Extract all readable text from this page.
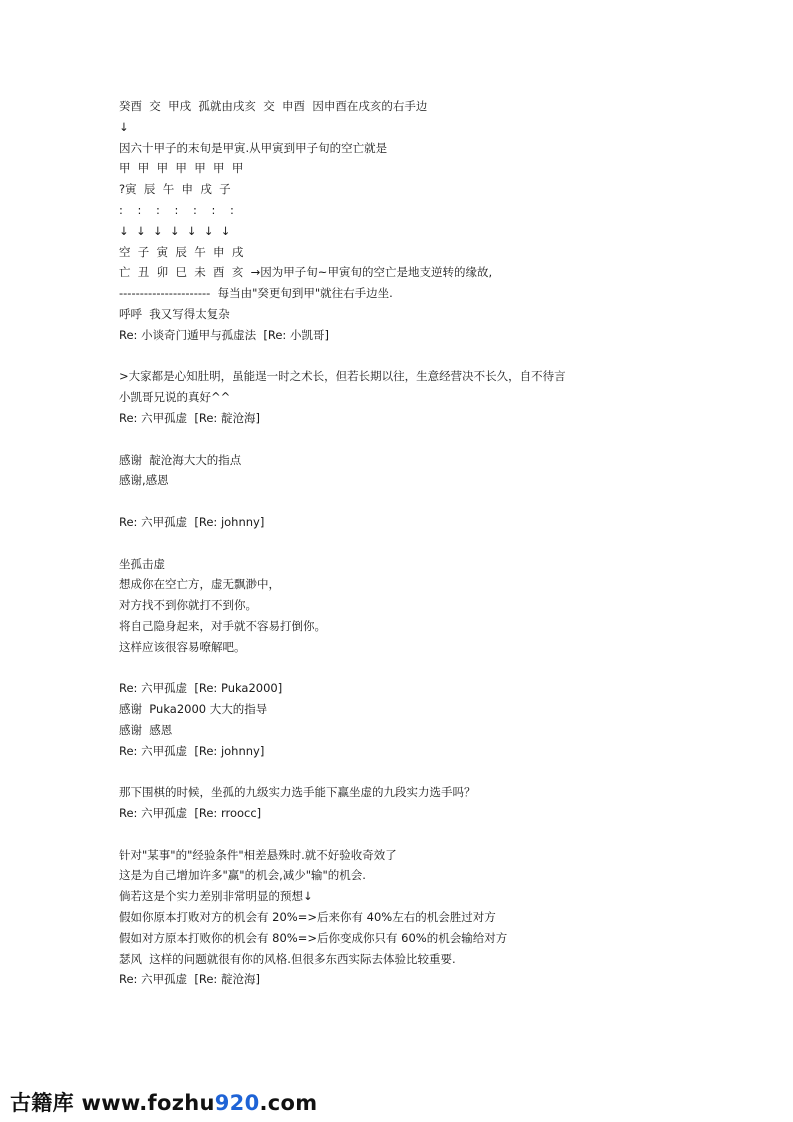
癸酉  交  甲戌  孤就由戌亥  交  申酉  因申酉在戌亥的右手边
↓
因六十甲子的末旬是甲寅.从甲寅到甲子旬的空亡就是
甲  甲  甲  甲  甲  甲  甲
?寅  辰  午  申  戌  子
:    :    :    :    :    :    :
↓  ↓  ↓  ↓  ↓  ↓  ↓
空  子  寅  辰  午  申  戌
亡  丑  卯  巳  未  酉  亥  →因为甲子旬~甲寅旬的空亡是地支逆转的缘故,
----------------------  每当由"癸更旬到甲"就往右手边坐.
呼呼  我又写得太复杂
Re: 小谈奇门遁甲与孤虚法  [Re: 小凯哥]
>大家都是心知肚明，虽能逞一时之术长，但若长期以往，生意经营决不长久，自不待言
小凯哥兄说的真好^^
Re: 六甲孤虚  [Re: 靛沧海]
感谢  靛沧海大大的指点
感谢,感恩
Re: 六甲孤虚  [Re: johnny]
坐孤击虚
想成你在空亡方，虚无飘渺中，
对方找不到你就打不到你。
将自己隐身起来，对手就不容易打倒你。
这样应该很容易嘹解吧。
Re: 六甲孤虚  [Re: Puka2000]
感谢  Puka2000 大大的指导
感谢  感恩
Re: 六甲孤虚  [Re: johnny]
那下围棋的时候，坐孤的九级实力选手能下赢坐虚的九段实力选手吗？
Re: 六甲孤虚  [Re: rroocc]
针对"某事"的"经验条件"相差悬殊时.就不好验收奇效了
这是为自己增加许多"赢"的机会,减少"输"的机会.
倘若这是个实力差别非常明显的预想↓
假如你原本打败对方的机会有 20%=>后来你有 40%左右的机会胜过对方
假如对方原本打败你的机会有 80%=>后你变成你只有 60%的机会输给对方
瑟风  这样的问题就很有你的风格.但很多东西实际去体验比较重要.
Re: 六甲孤虚  [Re: 靛沧海]
古籍库 www.fozhu920.com
